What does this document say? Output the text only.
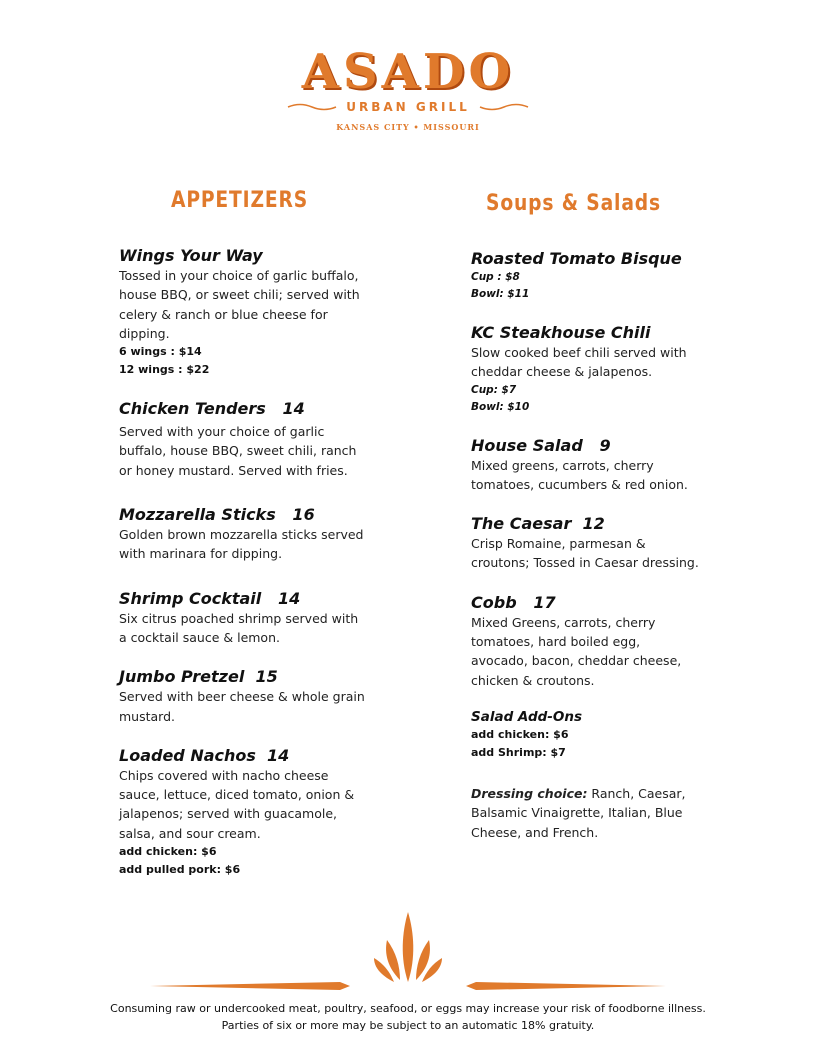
ASADO
URBAN GRILL
KANSAS CITY • MISSOURI
APPETIZERS	Soups & Salads
Wings Your Way
Tossed in your choice of garlic buffalo, house BBQ, or sweet chili; served with celery & ranch or blue cheese for dipping.
6 wings : $14
12 wings : $22
Chicken Tenders   14
Served with your choice of garlic buffalo, house BBQ, sweet chili, ranch or honey mustard. Served with fries.
Mozzarella Sticks   16
Golden brown mozzarella sticks served with marinara for dipping.
Shrimp Cocktail   14
Six citrus poached shrimp served with a cocktail sauce & lemon.
Jumbo Pretzel  15
Served with beer cheese & whole grain mustard.
Loaded Nachos  14
Chips covered with nacho cheese sauce, lettuce, diced tomato, onion & jalapenos; served with guacamole, salsa, and sour cream.
add chicken: $6
add pulled pork: $6
Roasted Tomato Bisque
Cup : $8
Bowl: $11
KC Steakhouse Chili
Slow cooked beef chili served with cheddar cheese & jalapenos.
Cup: $7
Bowl: $10
House Salad   9
Mixed greens, carrots, cherry tomatoes, cucumbers & red onion.
The Caesar  12
Crisp Romaine, parmesan & croutons; Tossed in Caesar dressing.
Cobb   17
Mixed Greens, carrots, cherry tomatoes, hard boiled egg, avocado, bacon, cheddar cheese, chicken & croutons.
Salad Add-Ons
add chicken: $6
add Shrimp: $7
Dressing choice: Ranch, Caesar, Balsamic Vinaigrette, Italian, Blue Cheese, and French.
Consuming raw or undercooked meat, poultry, seafood, or eggs may increase your risk of foodborne illness.
Parties of six or more may be subject to an automatic 18% gratuity.
